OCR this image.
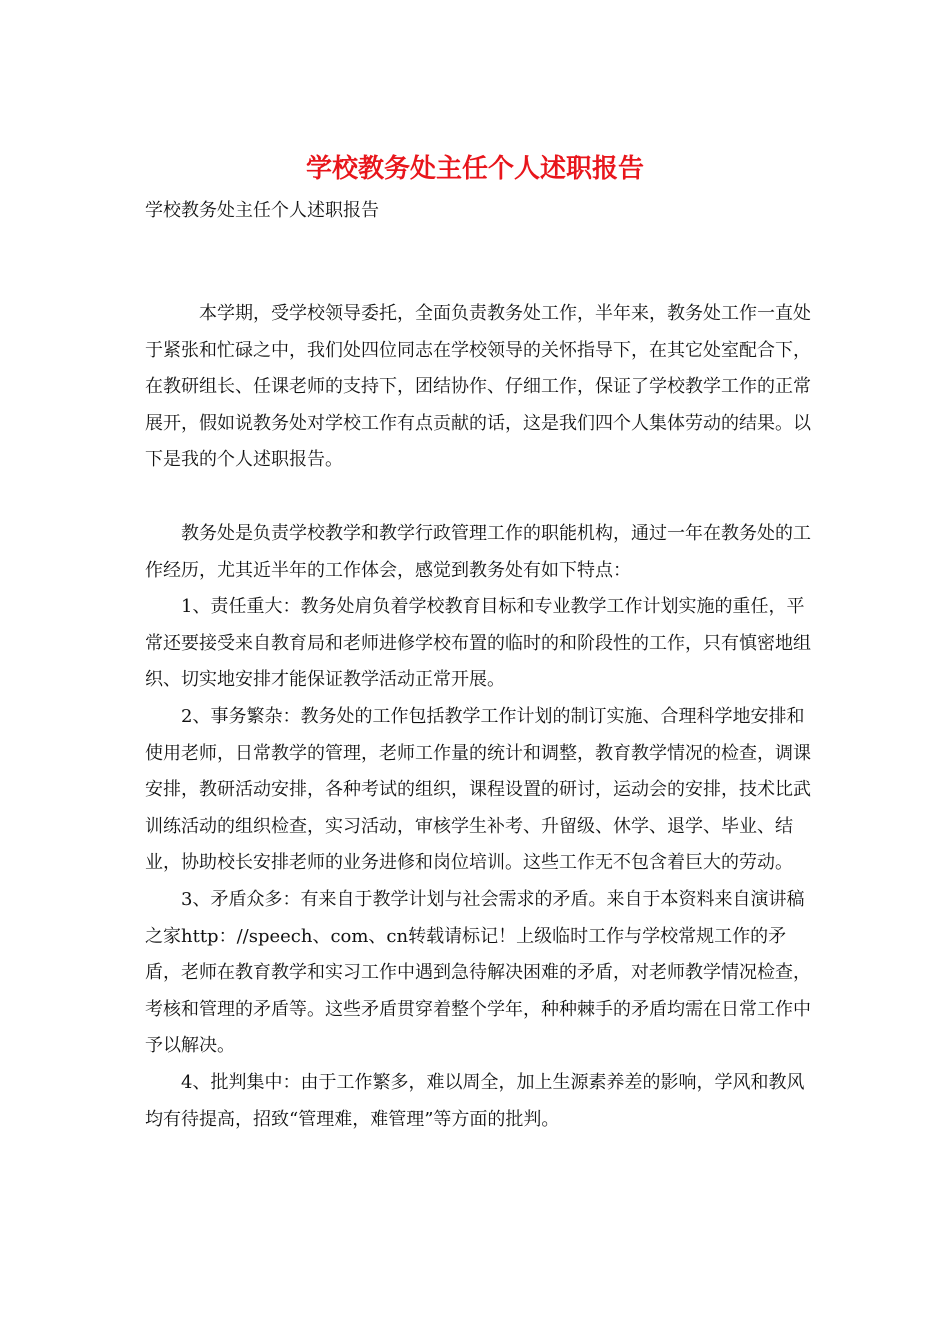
学校教务处主任个人述职报告
学校教务处主任个人述职报告

本学期，受学校领导委托，全面负责教务处工作，半年来，教务处工作一直处于紧张和忙碌之中，我们处四位同志在学校领导的关怀指导下，在其它处室配合下，在教研组长、任课老师的支持下，团结协作、仔细工作，保证了学校教学工作的正常展开，假如说教务处对学校工作有点贡献的话，这是我们四个人集体劳动的结果。以下是我的个人述职报告。

教务处是负责学校教学和教学行政管理工作的职能机构，通过一年在教务处的工作经历，尤其近半年的工作体会，感觉到教务处有如下特点：

1、责任重大：教务处肩负着学校教育目标和专业教学工作计划实施的重任，平常还要接受来自教育局和老师进修学校布置的临时的和阶段性的工作，只有慎密地组织、切实地安排才能保证教学活动正常开展。

2、事务繁杂：教务处的工作包括教学工作计划的制订实施、合理科学地安排和使用老师，日常教学的管理，老师工作量的统计和调整，教育教学情况的检查，调课安排，教研活动安排，各种考试的组织，课程设置的研讨，运动会的安排，技术比武训练活动的组织检查，实习活动，审核学生补考、升留级、休学、退学、毕业、结业，协助校长安排老师的业务进修和岗位培训。这些工作无不包含着巨大的劳动。

3、矛盾众多：有来自于教学计划与社会需求的矛盾。来自于本资料来自演讲稿之家http：//speech、com、cn转载请标记！上级临时工作与学校常规工作的矛盾，老师在教育教学和实习工作中遇到急待解决困难的矛盾，对老师教学情况检查，考核和管理的矛盾等。这些矛盾贯穿着整个学年，种种棘手的矛盾均需在日常工作中予以解决。

4、批判集中：由于工作繁多，难以周全，加上生源素养差的影响，学风和教风均有待提高，招致“管理难，难管理”等方面的批判。
